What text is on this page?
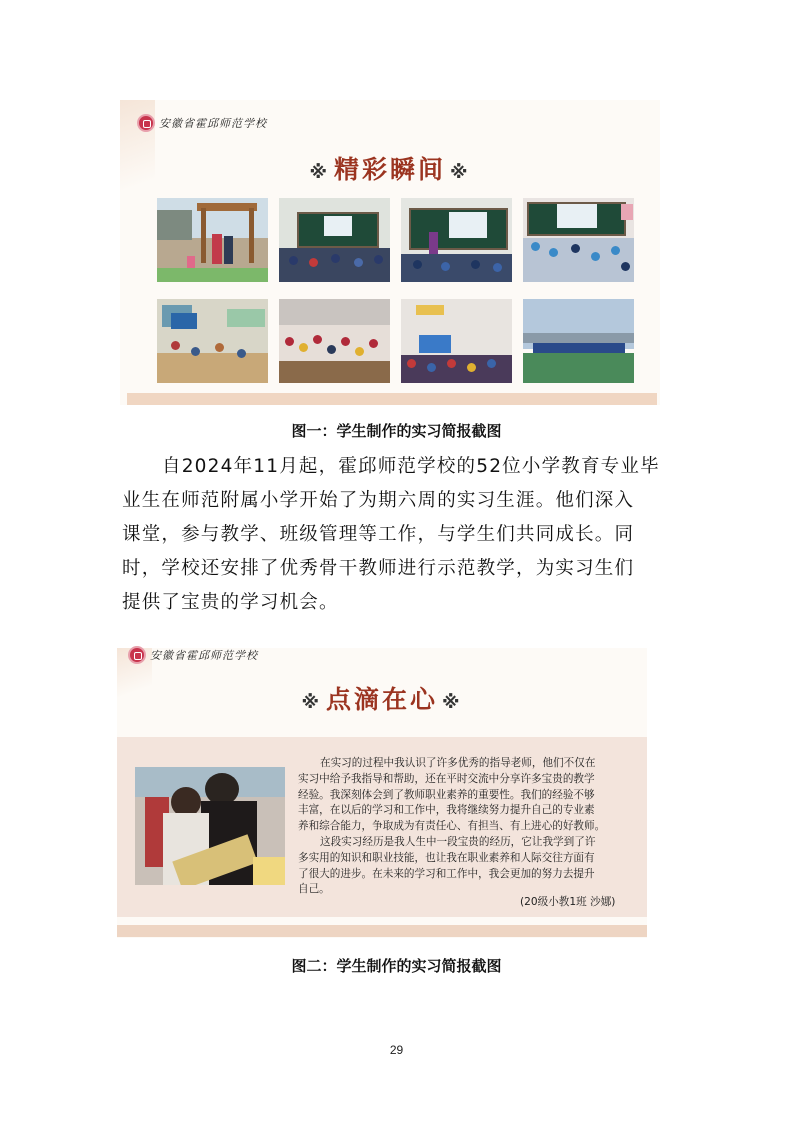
安徽省霍邱师范学校
※ 精彩瞬间 ※
图一：学生制作的实习简报截图

自2024年11月起，霍邱师范学校的52位小学教育专业毕

业生在师范附属小学开始了为期六周的实习生涯。他们深入

课堂，参与教学、班级管理等工作，与学生们共同成长。同

时，学校还安排了优秀骨干教师进行示范教学，为实习生们

提供了宝贵的学习机会。

安徽省霍邱师范学校
※ 点滴在心 ※

在实习的过程中我认识了许多优秀的指导老师，他们不仅在

实习中给予我指导和帮助，还在平时交流中分享许多宝贵的教学

经验。我深刻体会到了教师职业素养的重要性。我们的经验不够

丰富，在以后的学习和工作中，我将继续努力提升自己的专业素

养和综合能力，争取成为有责任心、有担当、有上进心的好教师。

这段实习经历是我人生中一段宝贵的经历，它让我学到了许

多实用的知识和职业技能，也让我在职业素养和人际交往方面有

了很大的进步。在未来的学习和工作中，我会更加的努力去提升

自己。

(20级小教1班 沙娜)
图二：学生制作的实习简报截图
29
